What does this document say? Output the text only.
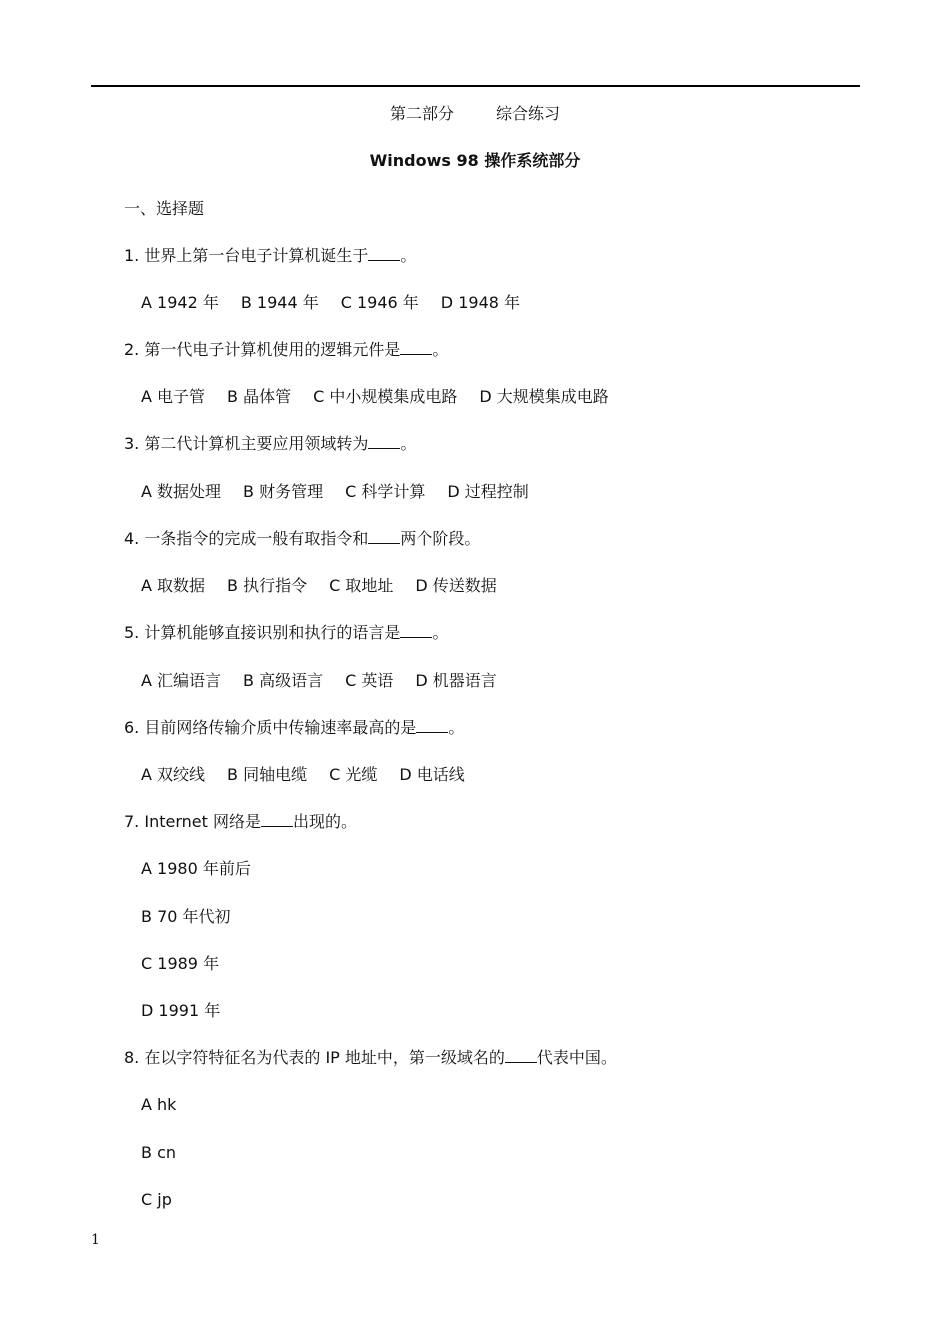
第二部分	综合练习
Windows 98 操作系统部分
一、选择题
1. 世界上第一台电子计算机诞生于 。
A 1942 年 B 1944 年 C 1946 年 D 1948 年
2. 第一代电子计算机使用的逻辑元件是 。
A 电子管 B 晶体管 C 中小规模集成电路 D 大规模集成电路
3. 第二代计算机主要应用领域转为 。
A 数据处理 B 财务管理 C 科学计算 D 过程控制
4. 一条指令的完成一般有取指令和 两个阶段。
A 取数据 B 执行指令 C 取地址 D 传送数据
5. 计算机能够直接识别和执行的语言是 。
A 汇编语言 B 高级语言 C 英语 D 机器语言
6. 目前网络传输介质中传输速率最高的是 。
A 双绞线 B 同轴电缆 C 光缆 D 电话线
7. Internet 网络是 出现的。
A 1980 年前后
B 70 年代初
C 1989 年
D 1991 年
8. 在以字符特征名为代表的 IP 地址中，第一级域名的 代表中国。
A hk
B cn
C jp
1
